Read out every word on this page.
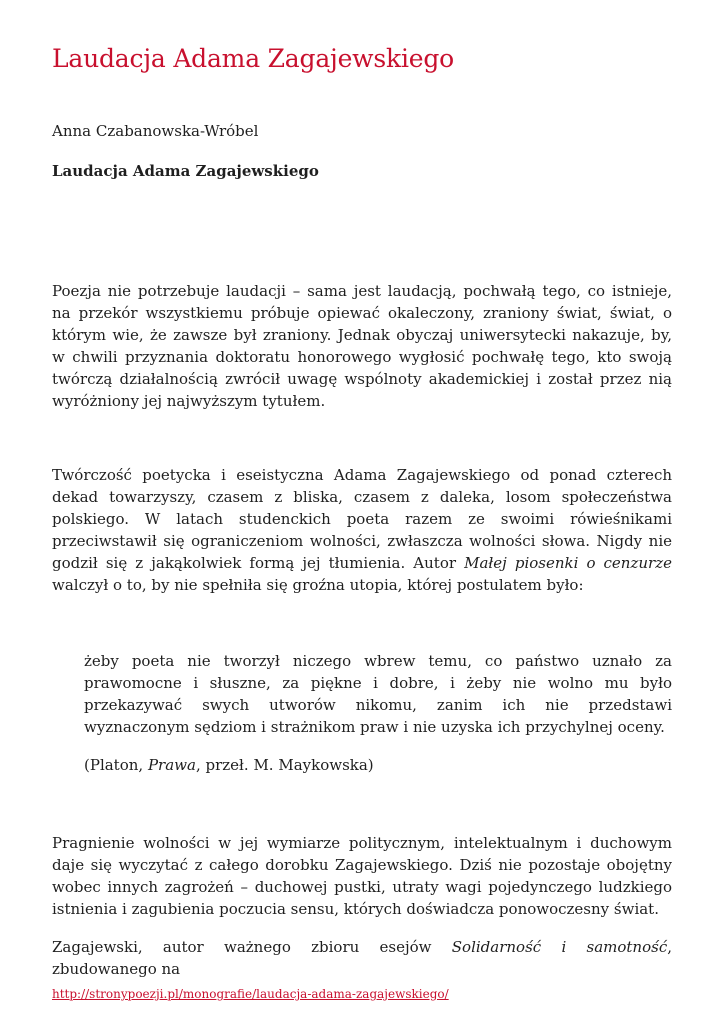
Laudacja Adama Zagajewskiego

Anna Czabanowska-Wróbel

Laudacja Adama Zagajewskiego

Poezja nie potrzebuje laudacji – sama jest laudacją, pochwałą tego, co istnieje, na przekór wszystkiemu próbuje opiewać okaleczony, zraniony świat, świat, o którym wie, że zawsze był zraniony. Jednak obyczaj uniwersytecki nakazuje, by, w chwili przyznania doktoratu honorowego wygłosić pochwałę tego, kto swoją twórczą działalnością zwrócił uwagę wspólnoty akademickiej i został przez nią wyróżniony jej najwyższym tytułem.

Twórczość poetycka i eseistyczna Adama Zagajewskiego od ponad czterech dekad towarzyszy, czasem z bliska, czasem z daleka, losom społeczeństwa polskiego. W latach studenckich poeta razem ze swoimi rówieśnikami przeciwstawił się ograniczeniom wolności, zwłaszcza wolności słowa. Nigdy nie godził się z jakąkolwiek formą jej tłumienia. Autor Małej piosenki o cenzurze walczył o to, by nie spełniła się groźna utopia, której postulatem było:

żeby poeta nie tworzył niczego wbrew temu, co państwo uznało za prawomocne i słuszne, za piękne i dobre, i żeby nie wolno mu było przekazywać swych utworów nikomu, zanim ich nie przedstawi wyznaczonym sędziom i strażnikom praw i nie uzyska ich przychylnej oceny.

(Platon, Prawa, przeł. M. Maykowska)

Pragnienie wolności w jej wymiarze politycznym, intelektualnym i duchowym daje się wyczytać z całego dorobku Zagajewskiego. Dziś nie pozostaje obojętny wobec innych zagrożeń – duchowej pustki, utraty wagi pojedynczego ludzkiego istnienia i zagubienia poczucia sensu, których doświadcza ponowoczesny świat.

Zagajewski, autor ważnego zbioru esejów Solidarność i samotność, zbudowanego na

http://stronypoezji.pl/monografie/laudacja-adama-zagajewskiego/
